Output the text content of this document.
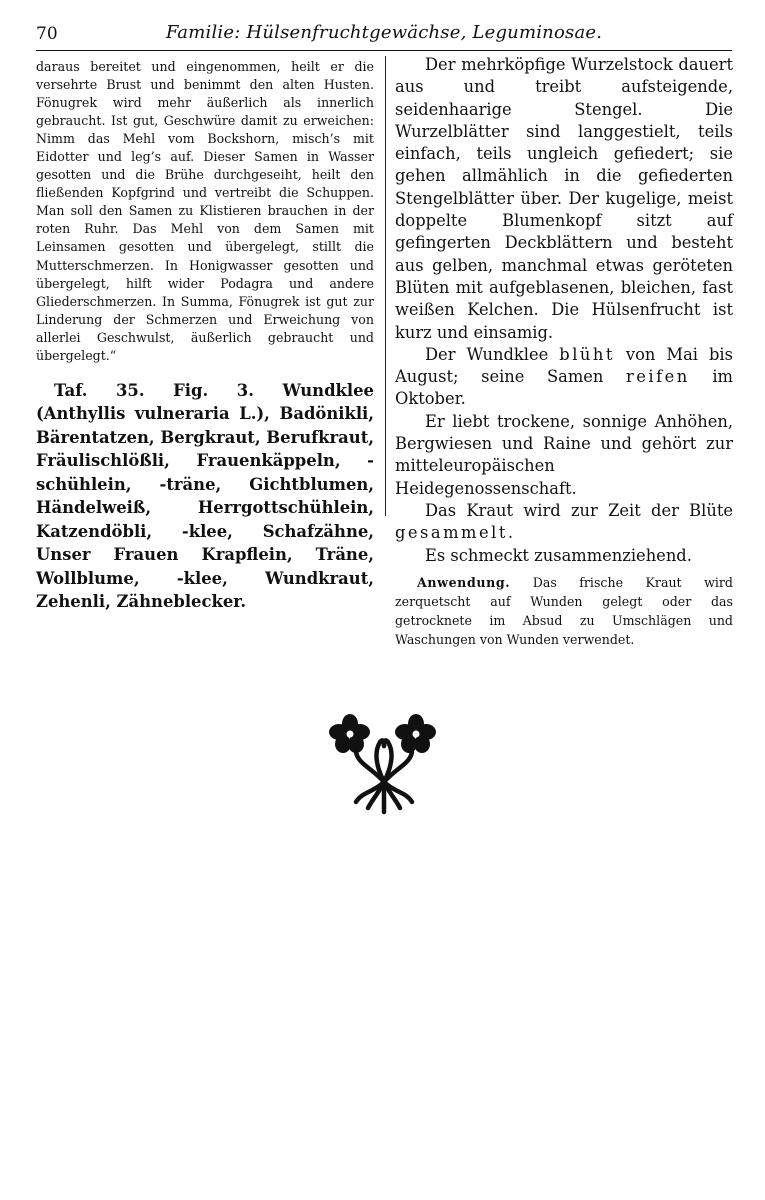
70	Familie: Hülsenfruchtgewächse, Leguminosae.

daraus bereitet und eingenommen, heilt er die versehrte Brust und benimmt den alten Husten. Fönugrek wird mehr äußerlich als innerlich gebraucht. Ist gut, Geschwüre damit zu erweichen: Nimm das Mehl vom Bockshorn, misch’s mit Eidotter und leg’s auf. Dieser Samen in Wasser gesotten und die Brühe durchgeseiht, heilt den fließenden Kopfgrind und vertreibt die Schuppen. Man soll den Samen zu Klistieren brauchen in der roten Ruhr. Das Mehl von dem Samen mit Leinsamen gesotten und übergelegt, stillt die Mutterschmerzen. In Honigwasser gesotten und übergelegt, hilft wider Podagra und andere Gliederschmerzen. In Summa, Fönugrek ist gut zur Linderung der Schmerzen und Erweichung von allerlei Geschwulst, äußerlich gebraucht und übergelegt.“

Taf. 35. Fig. 3. Wundklee (Anthyllis vulneraria L.), Badönikli, Bärentatzen, Bergkraut, Berufkraut, Fräulischlößli, Frauenkäppeln, -schühlein, -träne, Gichtblumen, Händelweiß, Herrgottschühlein, Katzendöbli, -klee, Schafzähne, Unser Frauen Krapflein, Träne, Wollblume, -klee, Wundkraut, Zehenli, Zähneblecker.

Der mehrköpfige Wurzelstock dauert aus und treibt aufsteigende, seidenhaarige Stengel. Die Wurzelblätter sind langgestielt, teils einfach, teils ungleich gefiedert; sie gehen allmählich in die gefiederten Stengelblätter über. Der kugelige, meist doppelte Blumenkopf sitzt auf gefingerten Deckblättern und besteht aus gelben, manchmal etwas geröteten Blüten mit aufgeblasenen, bleichen, fast weißen Kelchen. Die Hülsenfrucht ist kurz und einsamig.

Der Wundklee blüht von Mai bis August; seine Samen reifen im Oktober.

Er liebt trockene, sonnige Anhöhen, Bergwiesen und Raine und gehört zur mitteleuropäischen Heidegenossenschaft.

Das Kraut wird zur Zeit der Blüte gesammelt.

Es schmeckt zusammenziehend.

Anwendung. Das frische Kraut wird zerquetscht auf Wunden gelegt oder das getrocknete im Absud zu Umschlägen und Waschungen von Wunden verwendet.
